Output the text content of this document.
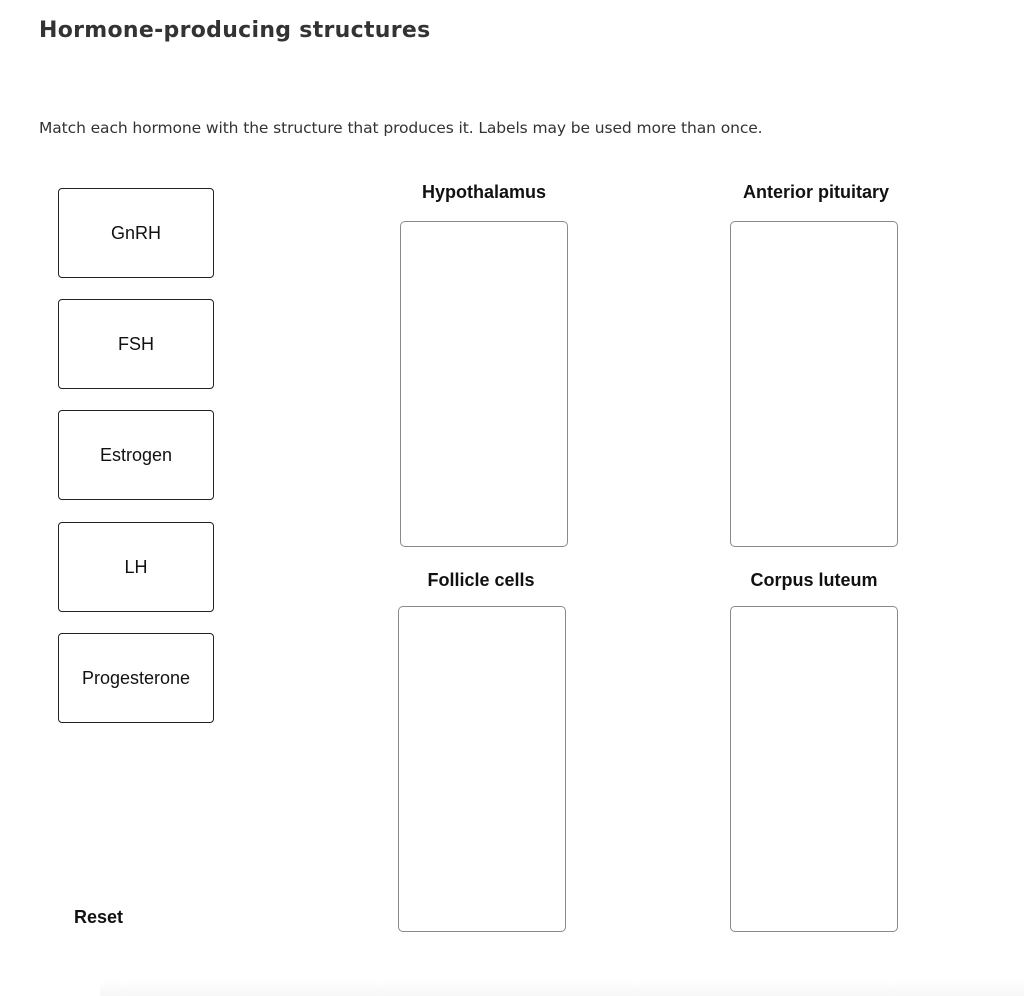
Hormone-producing structures

Match each hormone with the structure that produces it. Labels may be used more than once.

GnRH
FSH
Estrogen
LH
Progesterone
Reset
Hypothalamus	Anterior pituitary
Follicle cells	Corpus luteum
